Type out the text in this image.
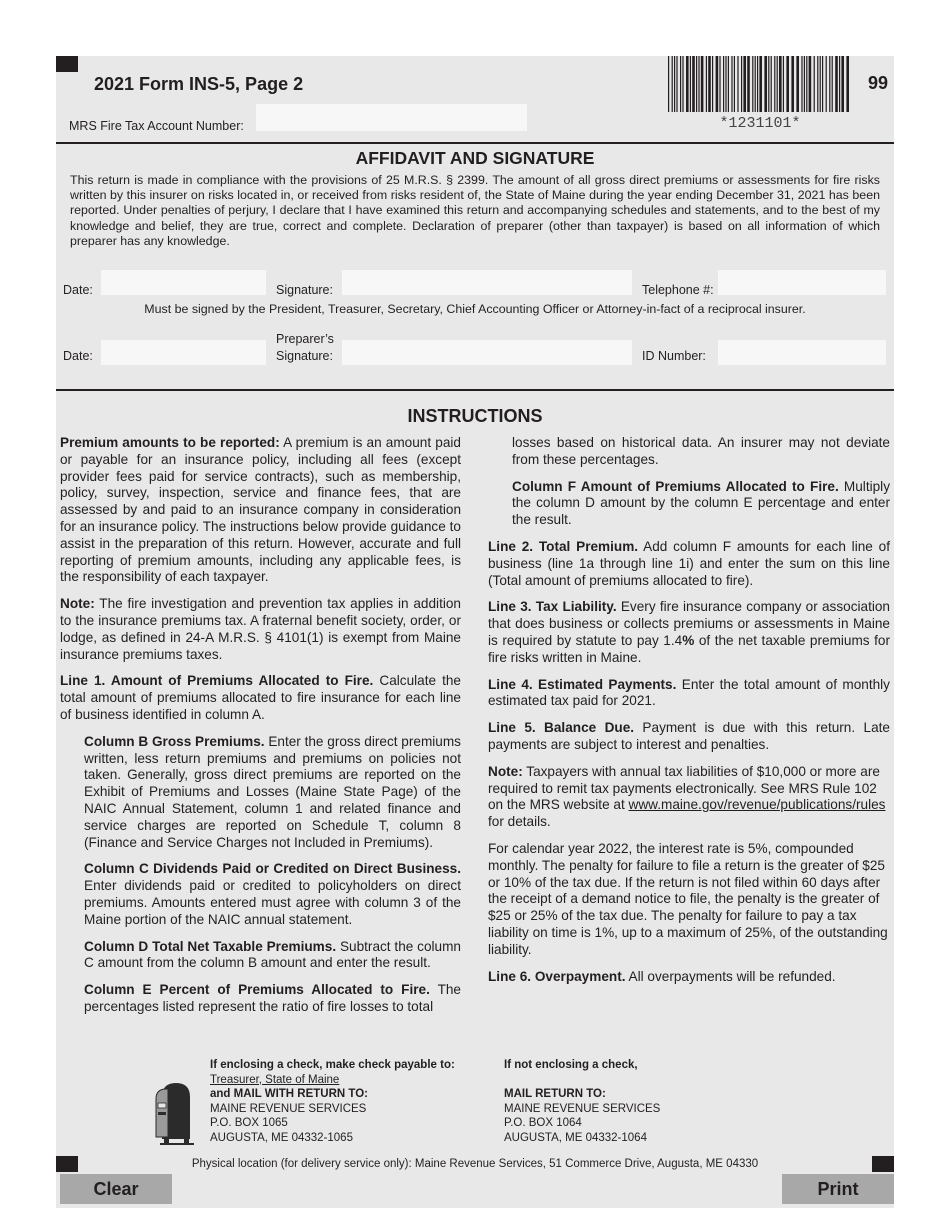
2021 Form INS-5, Page 2
*1231101*
99
MRS Fire Tax Account Number:
AFFIDAVIT AND SIGNATURE
This return is made in compliance with the provisions of 25 M.R.S. § 2399. The amount of all gross direct premiums or assessments for fire risks written by this insurer on risks located in, or received from risks resident of, the State of Maine during the year ending December 31, 2021 has been reported. Under penalties of perjury, I declare that I have examined this return and accompanying schedules and statements, and to the best of my knowledge and belief, they are true, correct and complete. Declaration of preparer (other than taxpayer) is based on all information of which preparer has any knowledge.
Date:	Signature:	Telephone #:
Must be signed by the President, Treasurer, Secretary, Chief Accounting Officer or Attorney-in-fact of a reciprocal insurer.
Preparer’s
Date:	Signature:	ID Number:
INSTRUCTIONS

Premium amounts to be reported: A premium is an amount paid or payable for an insurance policy, including all fees (except provider fees paid for service contracts), such as membership, policy, survey, inspection, service and finance fees, that are assessed by and paid to an insurance company in consideration for an insurance policy. The instructions below provide guidance to assist in the preparation of this return. However, accurate and full reporting of premium amounts, including any applicable fees, is the responsibility of each taxpayer.

Note: The fire investigation and prevention tax applies in addition to the insurance premiums tax. A fraternal benefit society, order, or lodge, as defined in 24-A M.R.S. § 4101(1) is exempt from Maine insurance premiums taxes.

Line 1. Amount of Premiums Allocated to Fire. Calculate the total amount of premiums allocated to fire insurance for each line of business identified in column A.

Column B Gross Premiums. Enter the gross direct premiums written, less return premiums and premiums on policies not taken. Generally, gross direct premiums are reported on the Exhibit of Premiums and Losses (Maine State Page) of the NAIC Annual Statement, column 1 and related finance and service charges are reported on Schedule T, column 8 (Finance and Service Charges not Included in Premiums).

Column C Dividends Paid or Credited on Direct Business. Enter dividends paid or credited to policyholders on direct premiums. Amounts entered must agree with column 3 of the Maine portion of the NAIC annual statement.

Column D Total Net Taxable Premiums. Subtract the column C amount from the column B amount and enter the result.

Column E Percent of Premiums Allocated to Fire. The percentages listed represent the ratio of fire losses to total

losses based on historical data. An insurer may not deviate from these percentages.

Column F Amount of Premiums Allocated to Fire. Multiply the column D amount by the column E percentage and enter the result.

Line 2. Total Premium. Add column F amounts for each line of business (line 1a through line 1i) and enter the sum on this line (Total amount of premiums allocated to fire).

Line 3. Tax Liability. Every fire insurance company or association that does business or collects premiums or assessments in Maine is required by statute to pay 1.4% of the net taxable premiums for fire risks written in Maine.

Line 4. Estimated Payments. Enter the total amount of monthly estimated tax paid for 2021.

Line 5. Balance Due. Payment is due with this return. Late payments are subject to interest and penalties.

Note: Taxpayers with annual tax liabilities of $10,000 or more are required to remit tax payments electronically. See MRS Rule 102 on the MRS website at www.maine.gov/revenue/publications/rules for details.

For calendar year 2022, the interest rate is 5%, compounded monthly. The penalty for failure to file a return is the greater of $25 or 10% of the tax due. If the return is not filed within 60 days after the receipt of a demand notice to file, the penalty is the greater of $25 or 25% of the tax due. The penalty for failure to pay a tax liability on time is 1%, up to a maximum of 25%, of the outstanding liability.

Line 6. Overpayment. All overpayments will be refunded.

If enclosing a check, make check payable to:
Treasurer, State of Maine
and MAIL WITH RETURN TO:
MAINE REVENUE SERVICES
P.O. BOX 1065
AUGUSTA, ME 04332-1065
If not enclosing a check,
MAIL RETURN TO:
MAINE REVENUE SERVICES
P.O. BOX 1064
AUGUSTA, ME 04332-1064
Physical location (for delivery service only): Maine Revenue Services, 51 Commerce Drive, Augusta, ME 04330
Clear	Print
